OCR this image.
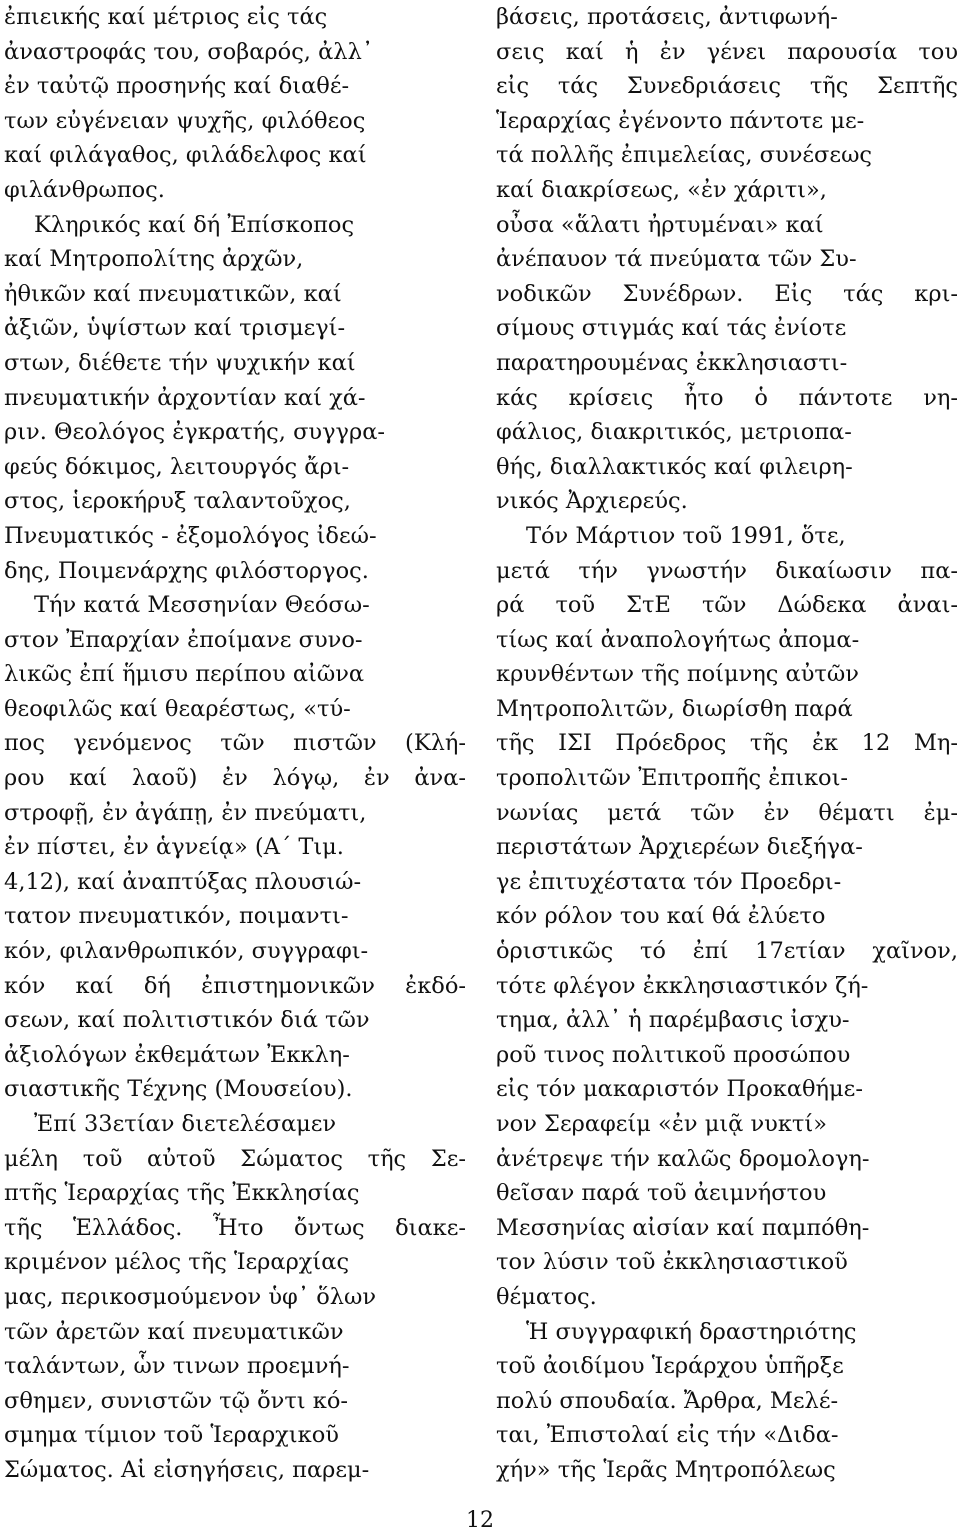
ἐπιεικής καί μέτριος εἰς τάς
ἀναστροφάς του, σοβαρός, ἀλλ᾿
ἐν ταὐτῷ προσηνής καί διαθέ-
των εὐγένειαν ψυχῆς, φιλόθεος
καί φιλάγαθος, φιλάδελφος καί
φιλάνθρωπος.
Κληρικός καί δή Ἐπίσκοπος
καί Μητροπολίτης ἀρχῶν,
ἠθικῶν καί πνευματικῶν, καί
ἀξιῶν, ὑψίστων καί τρισμεγί-
στων, διέθετε τήν ψυχικήν καί
πνευματικήν ἀρχοντίαν καί χά-
ριν. Θεολόγος ἐγκρατής, συγγρα-
φεύς δόκιμος, λειτουργός ἄρι-
στος, ἱεροκήρυξ ταλαντοῦχος,
Πνευματικός - ἐξομολόγος ἰδεώ-
δης, Ποιμενάρχης φιλόστοργος.
Τήν κατά Μεσσηνίαν Θεόσω-
στον Ἐπαρχίαν ἐποίμανε συνο-
λικῶς ἐπί ἥμισυ περίπου αἰῶνα
θεοφιλῶς καί θεαρέστως, «τύ-
πος γενόμενος τῶν πιστῶν (Κλή-
ρου καί λαοῦ) ἐν λόγῳ, ἐν ἀνα-
στροφῇ, ἐν ἀγάπῃ, ἐν πνεύματι,
ἐν πίστει, ἐν ἁγνείᾳ» (Α΄ Τιμ.
4,12), καί ἀναπτύξας πλουσιώ-
τατον πνευματικόν, ποιμαντι-
κόν, φιλανθρωπικόν, συγγραφι-
κόν καί δή ἐπιστημονικῶν ἐκδό-
σεων, καί πολιτιστικόν διά τῶν
ἀξιολόγων ἐκθεμάτων Ἐκκλη-
σιαστικῆς Τέχνης (Μουσείου).
Ἐπί 33ετίαν διετελέσαμεν
μέλη τοῦ αὐτοῦ Σώματος τῆς Σε-
πτῆς Ἱεραρχίας τῆς Ἐκκλησίας
τῆς Ἑλλάδος. Ἦτο ὄντως διακε-
κριμένον μέλος τῆς Ἱεραρχίας
μας, περικοσμούμενον ὑφ᾿ ὅλων
τῶν ἀρετῶν καί πνευματικῶν
ταλάντων, ὧν τινων προεμνή-
σθημεν, συνιστῶν τῷ ὄντι κό-
σμημα τίμιον τοῦ Ἱεραρχικοῦ
Σώματος. Αἱ εἰσηγήσεις, παρεμ-
βάσεις, προτάσεις, ἀντιφωνή-
σεις καί ἡ ἐν γένει παρουσία του
εἰς τάς Συνεδριάσεις τῆς Σεπτῆς
Ἱεραρχίας ἐγένοντο πάντοτε με-
τά πολλῆς ἐπιμελείας, συνέσεως
καί διακρίσεως, «ἐν χάριτι»,
οὖσα «ἅλατι ἠρτυμέναι» καί
ἀνέπαυον τά πνεύματα τῶν Συ-
νοδικῶν Συνέδρων. Εἰς τάς κρι-
σίμους στιγμάς καί τάς ἐνίοτε
παρατηρουμένας ἐκκλησιαστι-
κάς κρίσεις ἦτο ὁ πάντοτε νη-
φάλιος, διακριτικός, μετριοπα-
θής, διαλλακτικός καί φιλειρη-
νικός Ἀρχιερεύς.
Τόν Μάρτιον τοῦ 1991, ὅτε,
μετά τήν γνωστήν δικαίωσιν πα-
ρά τοῦ ΣτΕ τῶν Δώδεκα ἀναι-
τίως καί ἀναπολογήτως ἀπομα-
κρυνθέντων τῆς ποίμνης αὐτῶν
Μητροπολιτῶν, διωρίσθη παρά
τῆς ΙΣΙ Πρόεδρος τῆς ἐκ 12 Μη-
τροπολιτῶν Ἐπιτροπῆς ἐπικοι-
νωνίας μετά τῶν ἐν θέματι ἐμ-
περιστάτων Ἀρχιερέων διεξήγα-
γε ἐπιτυχέστατα τόν Προεδρι-
κόν ρόλον του καί θά ἐλύετο
ὁριστικῶς τό ἐπί 17ετίαν χαῖνον,
τότε φλέγον ἐκκλησιαστικόν ζή-
τημα, ἀλλ᾿ ἡ παρέμβασις ἰσχυ-
ροῦ τινος πολιτικοῦ προσώπου
εἰς τόν μακαριστόν Προκαθήμε-
νον Σεραφείμ «ἐν μιᾷ νυκτί»
ἀνέτρεψε τήν καλῶς δρομολογη-
θεῖσαν παρά τοῦ ἀειμνήστου
Μεσσηνίας αἰσίαν καί παμπόθη-
τον λύσιν τοῦ ἐκκλησιαστικοῦ
θέματος.
Ἡ συγγραφική δραστηριότης
τοῦ ἀοιδίμου Ἱεράρχου ὑπῆρξε
πολύ σπουδαία. Ἄρθρα, Μελέ-
ται, Ἐπιστολαί εἰς τήν «Διδα-
χήν» τῆς Ἱερᾶς Μητροπόλεως
12
